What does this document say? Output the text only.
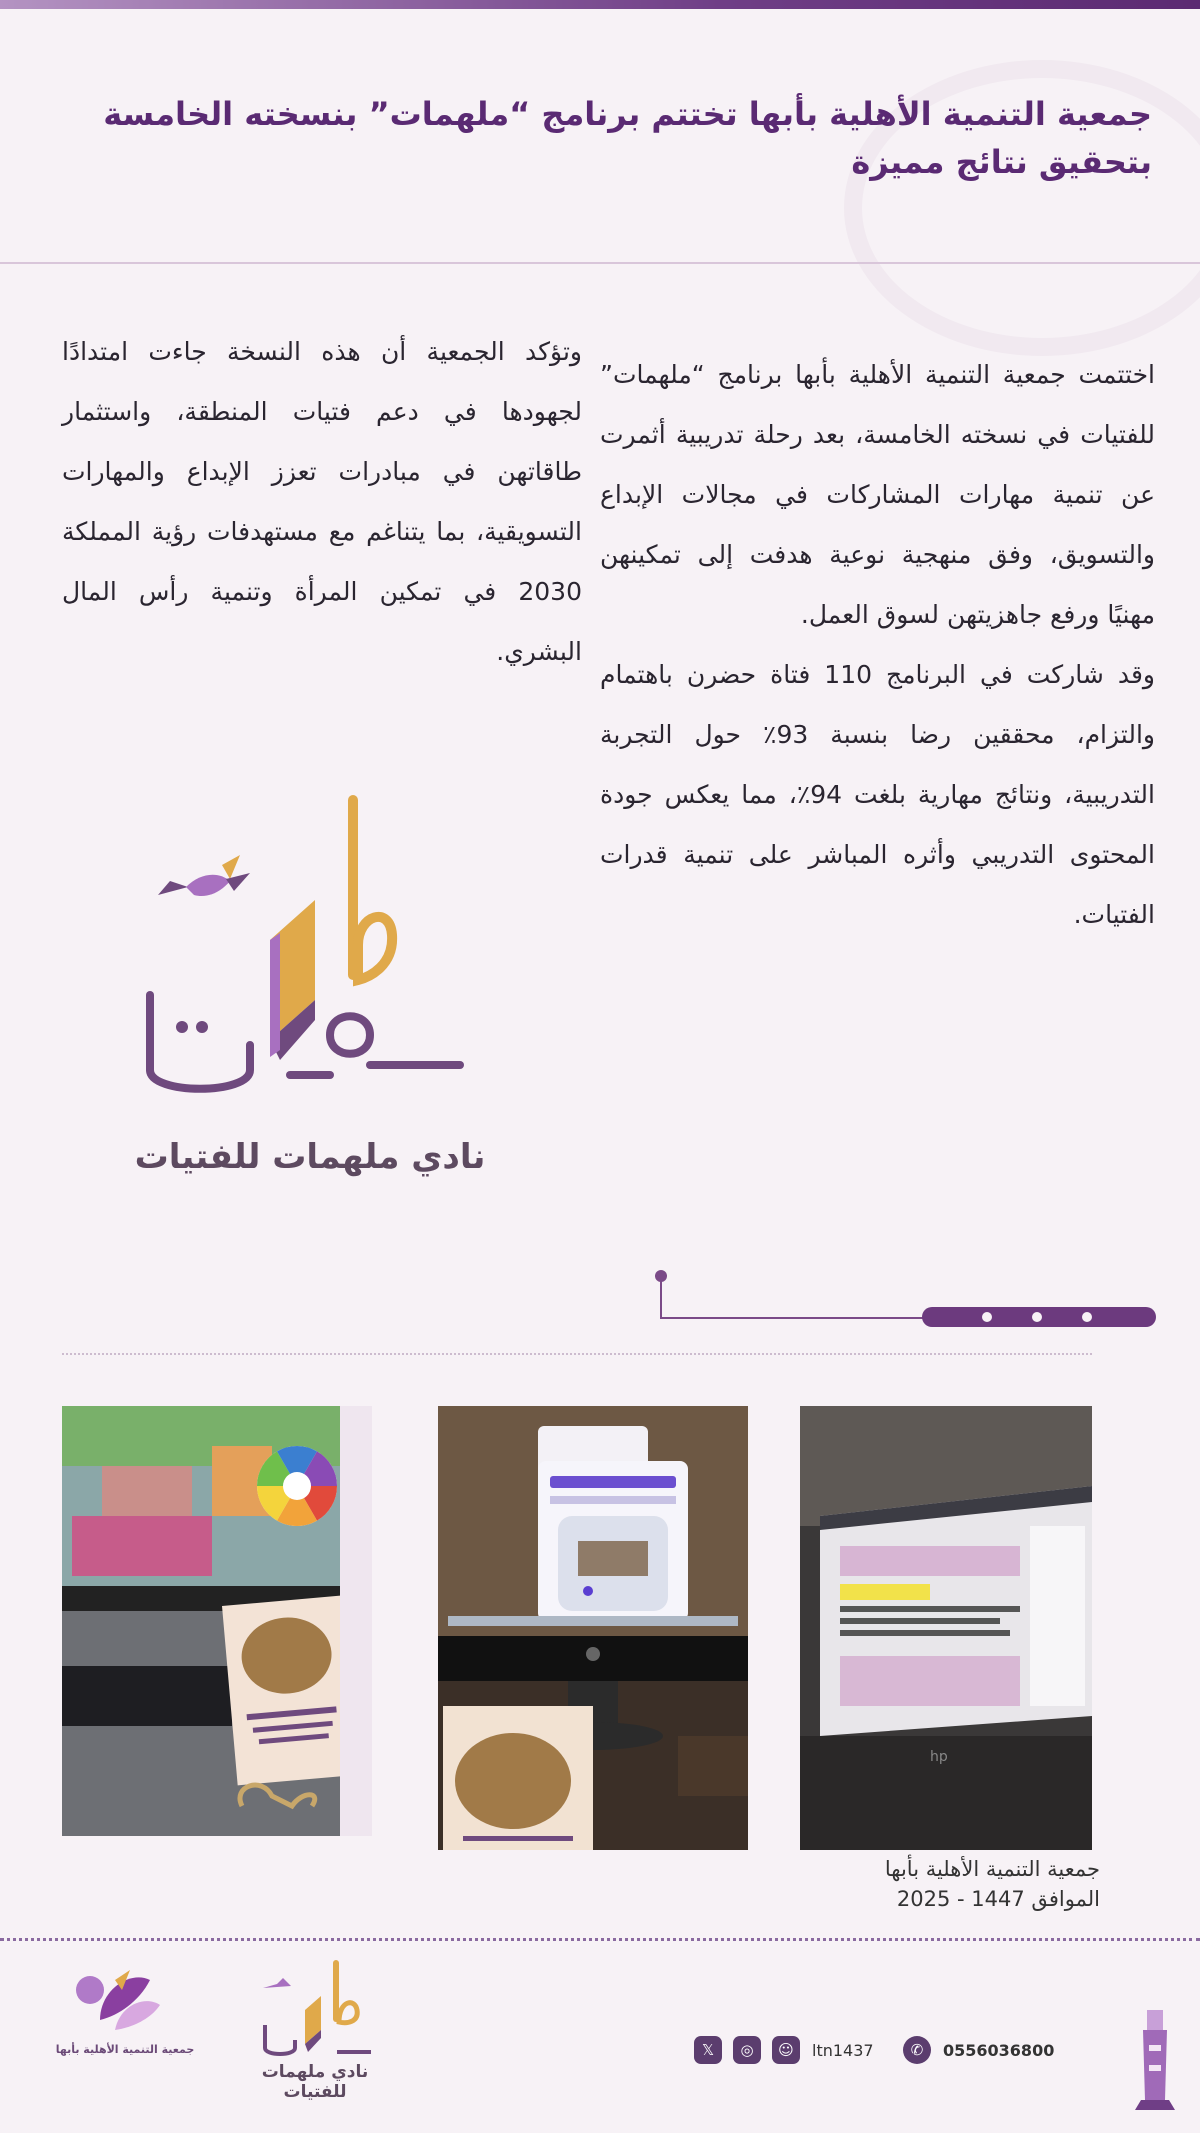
جمعية التنمية الأهلية بأبها تختتم برنامج “ملهمات” بنسخته الخامسة
بتحقيق نتائج مميزة
اختتمت جمعية التنمية الأهلية بأبها برنامج “ملهمات” للفتيات في نسخته الخامسة، بعد رحلة تدريبية أثمرت عن تنمية مهارات المشاركات في مجالات الإبداع والتسويق، وفق منهجية نوعية هدفت إلى تمكينهن مهنيًا ورفع جاهزيتهن لسوق العمل.
وقد شاركت في البرنامج 110 فتاة حضرن باهتمام والتزام، محققين رضا بنسبة 93٪ حول التجربة التدريبية، ونتائج مهارية بلغت 94٪، مما يعكس جودة المحتوى التدريبي وأثره المباشر على تنمية قدرات الفتيات.
وتؤكد الجمعية أن هذه النسخة جاءت امتدادًا لجهودها في دعم فتيات المنطقة، واستثمار طاقاتهن في مبادرات تعزز الإبداع والمهارات التسويقية، بما يتناغم مع مستهدفات رؤية المملكة 2030 في تمكين المرأة وتنمية رأس المال البشري.
نادي ملهمات للفتيات
hp
جمعية التنمية الأهلية بأبها
الموافق 1447 - 2025
جمعية التنمية الأهلية بأبها
نادي ملهمات للفتيات
𝕏	◎	☺	ltn1437	✆	0556036800
